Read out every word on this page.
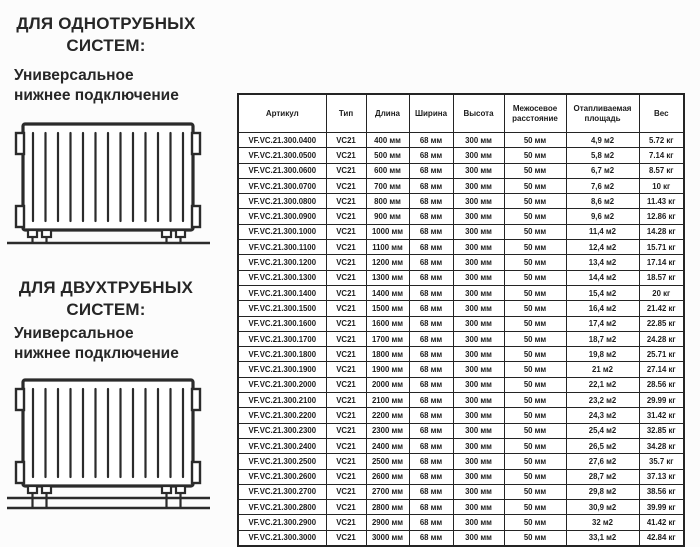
ДЛЯ ОДНОТРУБНЫХ
СИСТЕМ:

Универсальное
нижнее подключение

ДЛЯ ДВУХТРУБНЫХ
СИСТЕМ:

Универсальное
нижнее подключение

Артикул	Тип	Длина	Ширина	Высота	Межосевое расстояние	Отапливаемая площадь	Вес
VF.VC.21.300.0400	VC21	400 мм	68 мм	300 мм	50 мм	4,9 м2	5.72 кг
VF.VC.21.300.0500	VC21	500 мм	68 мм	300 мм	50 мм	5,8 м2	7.14 кг
VF.VC.21.300.0600	VC21	600 мм	68 мм	300 мм	50 мм	6,7 м2	8.57 кг
VF.VC.21.300.0700	VC21	700 мм	68 мм	300 мм	50 мм	7,6 м2	10 кг
VF.VC.21.300.0800	VC21	800 мм	68 мм	300 мм	50 мм	8,6 м2	11.43 кг
VF.VC.21.300.0900	VC21	900 мм	68 мм	300 мм	50 мм	9,6 м2	12.86 кг
VF.VC.21.300.1000	VC21	1000 мм	68 мм	300 мм	50 мм	11,4 м2	14.28 кг
VF.VC.21.300.1100	VC21	1100 мм	68 мм	300 мм	50 мм	12,4 м2	15.71 кг
VF.VC.21.300.1200	VC21	1200 мм	68 мм	300 мм	50 мм	13,4 м2	17.14 кг
VF.VC.21.300.1300	VC21	1300 мм	68 мм	300 мм	50 мм	14,4 м2	18.57 кг
VF.VC.21.300.1400	VC21	1400 мм	68 мм	300 мм	50 мм	15,4 м2	20 кг
VF.VC.21.300.1500	VC21	1500 мм	68 мм	300 мм	50 мм	16,4 м2	21.42 кг
VF.VC.21.300.1600	VC21	1600 мм	68 мм	300 мм	50 мм	17,4 м2	22.85 кг
VF.VC.21.300.1700	VC21	1700 мм	68 мм	300 мм	50 мм	18,7 м2	24.28 кг
VF.VC.21.300.1800	VC21	1800 мм	68 мм	300 мм	50 мм	19,8 м2	25.71 кг
VF.VC.21.300.1900	VC21	1900 мм	68 мм	300 мм	50 мм	21 м2	27.14 кг
VF.VC.21.300.2000	VC21	2000 мм	68 мм	300 мм	50 мм	22,1 м2	28.56 кг
VF.VC.21.300.2100	VC21	2100 мм	68 мм	300 мм	50 мм	23,2 м2	29.99 кг
VF.VC.21.300.2200	VC21	2200 мм	68 мм	300 мм	50 мм	24,3 м2	31.42 кг
VF.VC.21.300.2300	VC21	2300 мм	68 мм	300 мм	50 мм	25,4 м2	32.85 кг
VF.VC.21.300.2400	VC21	2400 мм	68 мм	300 мм	50 мм	26,5 м2	34.28 кг
VF.VC.21.300.2500	VC21	2500 мм	68 мм	300 мм	50 мм	27,6 м2	35.7 кг
VF.VC.21.300.2600	VC21	2600 мм	68 мм	300 мм	50 мм	28,7 м2	37.13 кг
VF.VC.21.300.2700	VC21	2700 мм	68 мм	300 мм	50 мм	29,8 м2	38.56 кг
VF.VC.21.300.2800	VC21	2800 мм	68 мм	300 мм	50 мм	30,9 м2	39.99 кг
VF.VC.21.300.2900	VC21	2900 мм	68 мм	300 мм	50 мм	32 м2	41.42 кг
VF.VC.21.300.3000	VC21	3000 мм	68 мм	300 мм	50 мм	33,1 м2	42.84 кг
